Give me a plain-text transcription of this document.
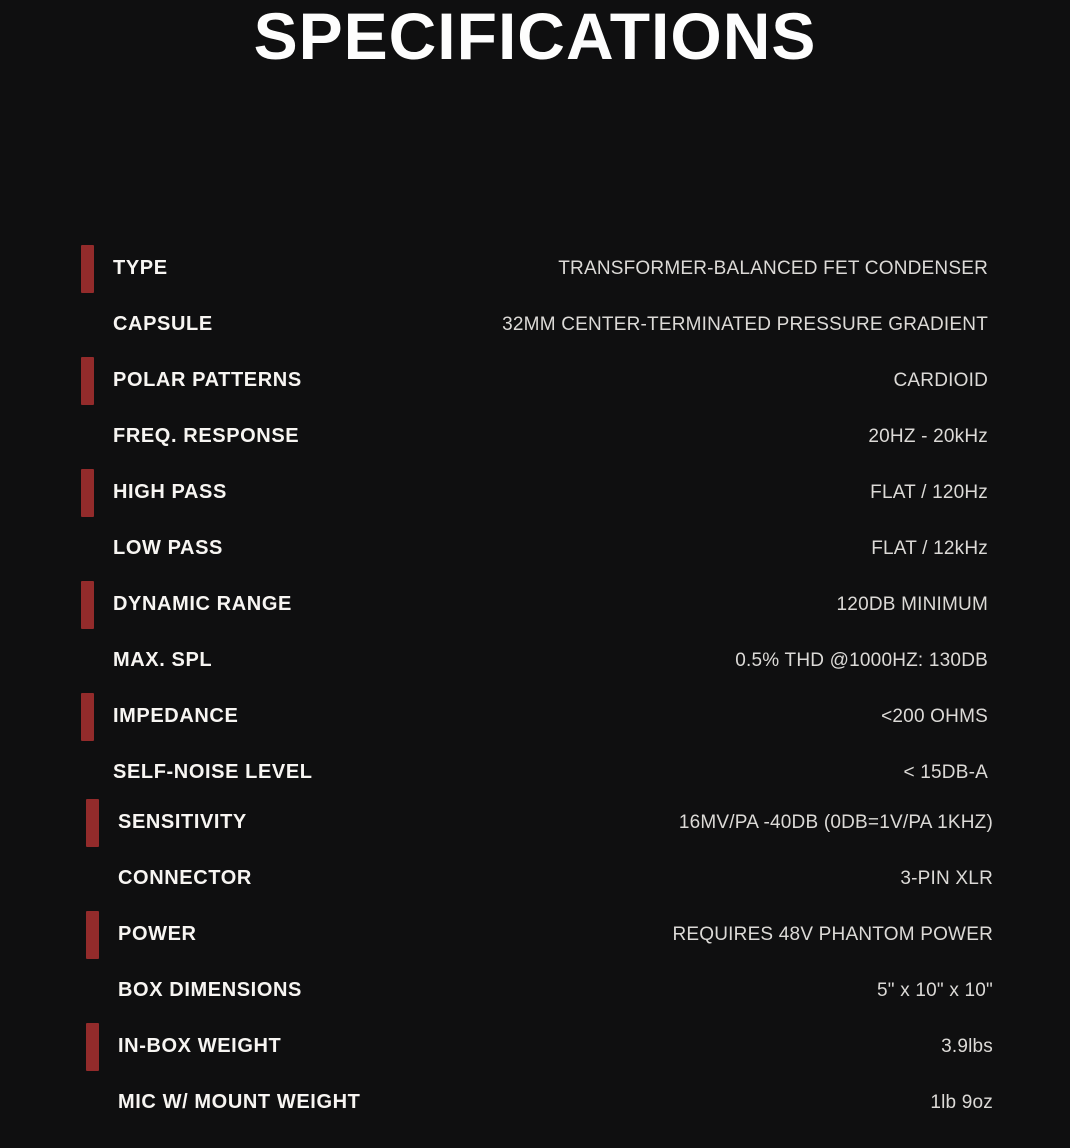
SPECIFICATIONS
TYPE	TRANSFORMER-BALANCED FET CONDENSER
CAPSULE	32MM CENTER-TERMINATED PRESSURE GRADIENT
POLAR PATTERNS	CARDIOID
FREQ. RESPONSE	20HZ - 20kHz
HIGH PASS	FLAT / 120Hz
LOW PASS	FLAT / 12kHz
DYNAMIC RANGE	120DB MINIMUM
MAX. SPL	0.5% THD @1000HZ: 130DB
IMPEDANCE	<200 OHMS
SELF-NOISE LEVEL	< 15DB-A
SENSITIVITY	16MV/PA -40DB (0DB=1V/PA 1KHZ)
CONNECTOR	3-PIN XLR
POWER	REQUIRES 48V PHANTOM POWER
BOX DIMENSIONS	5" x 10" x 10"
IN-BOX WEIGHT	3.9lbs
MIC W/ MOUNT WEIGHT	1lb 9oz
